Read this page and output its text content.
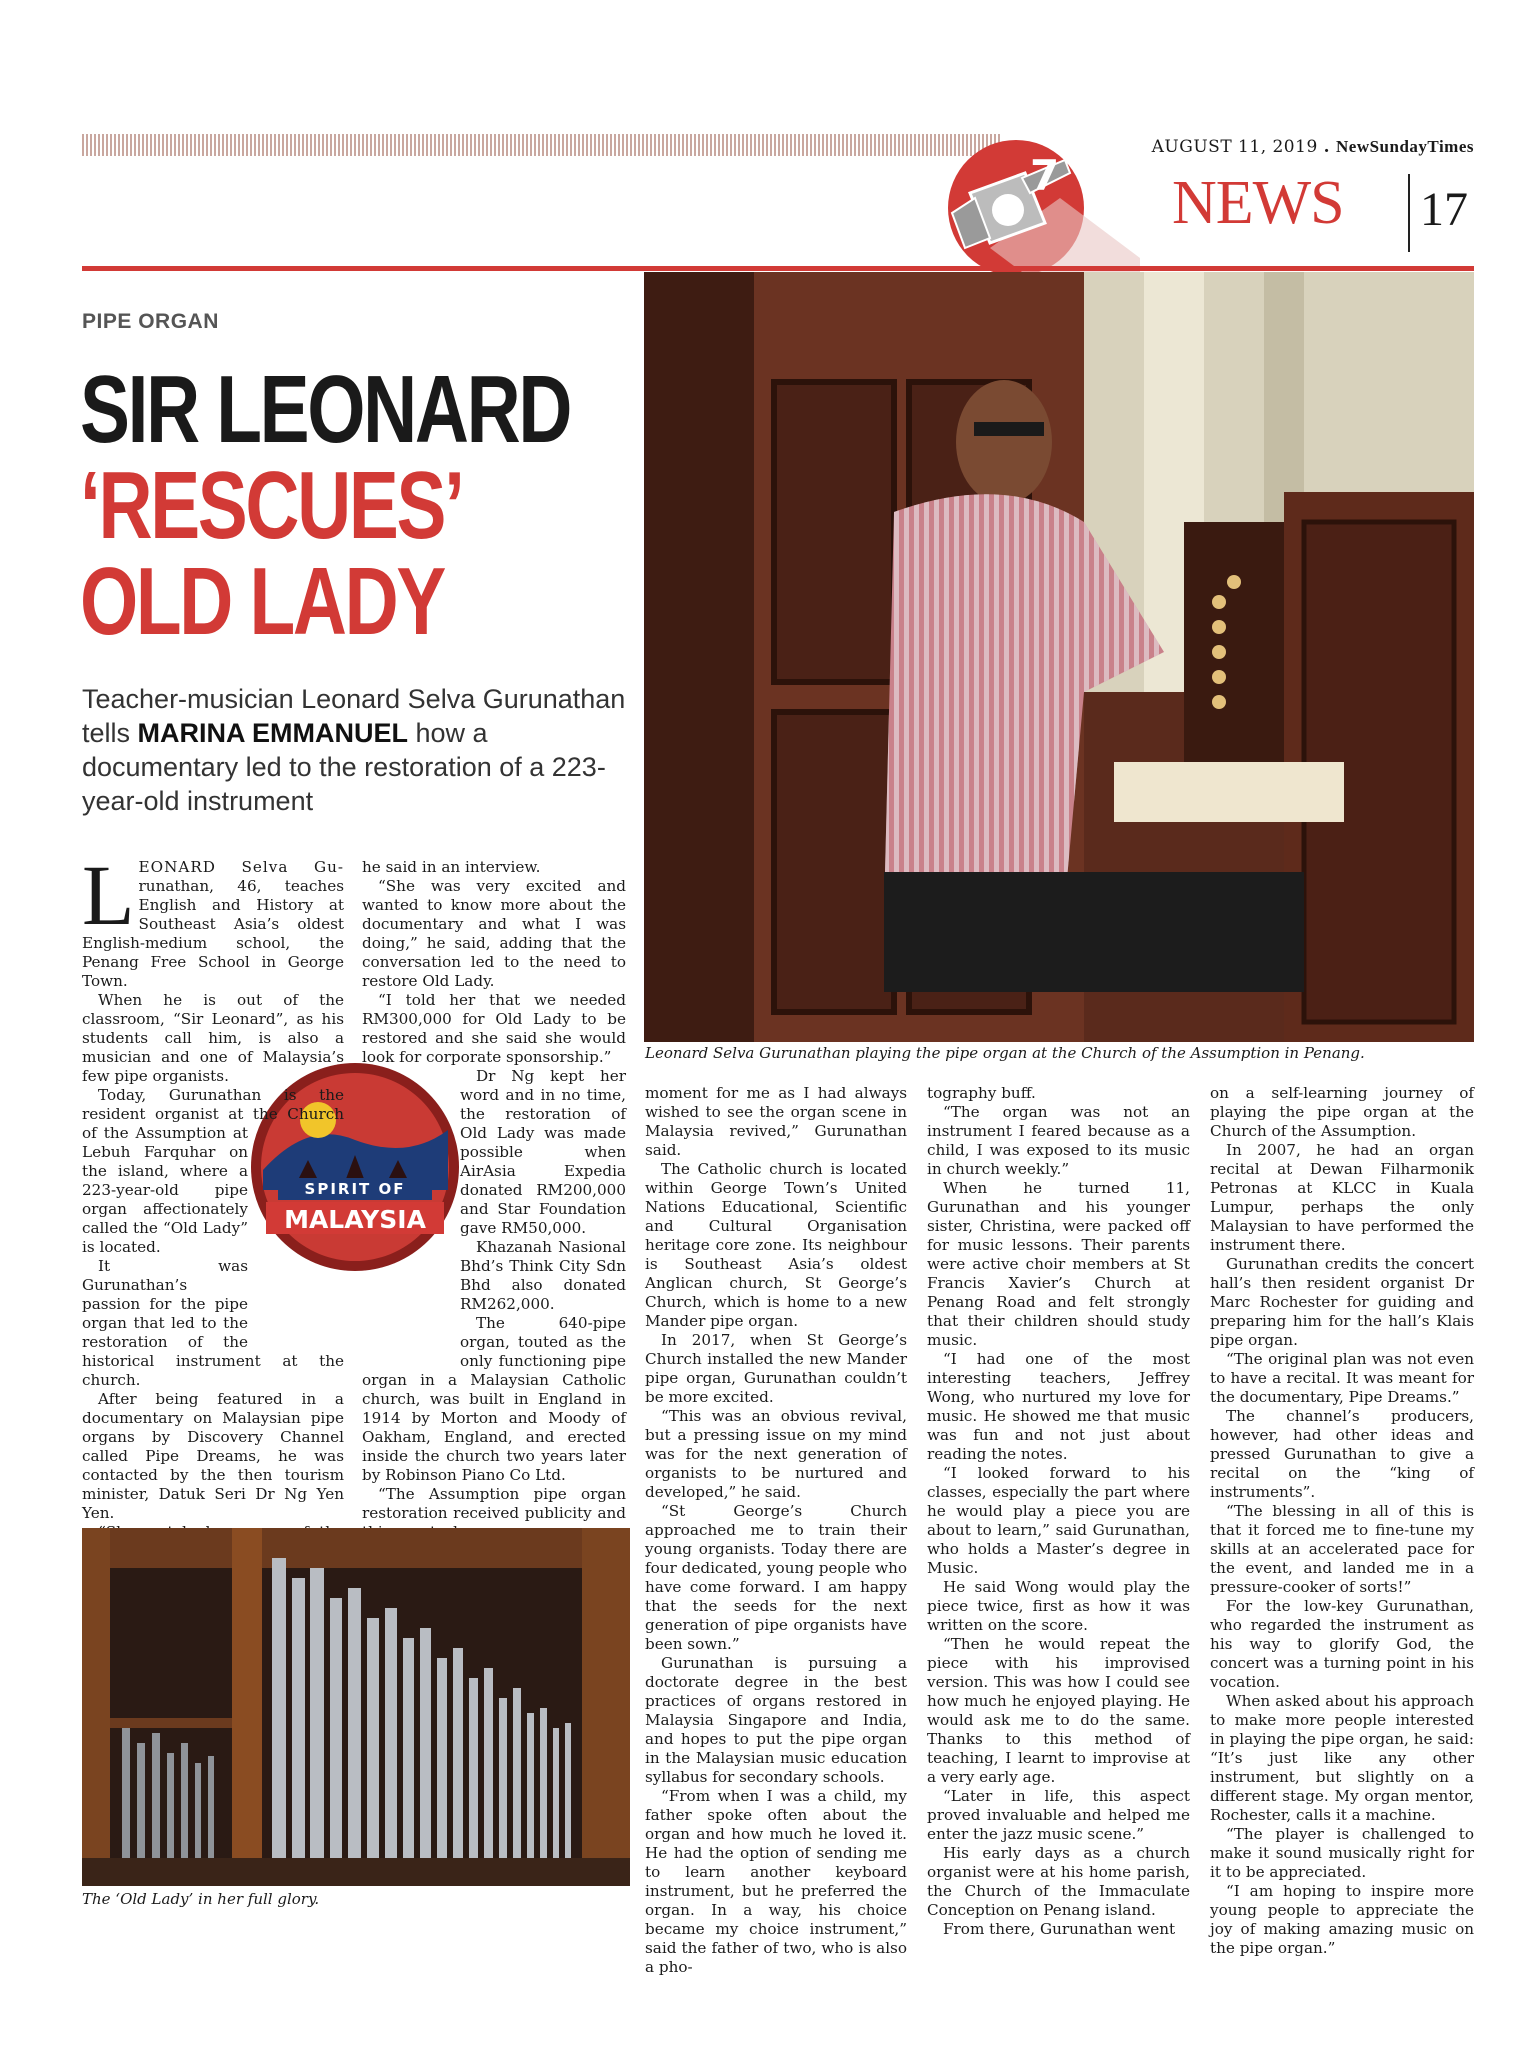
AUGUST 11, 2019 . NewSundayTimes
7 NEWS 17
PIPE ORGAN
SIR LEONARD
‘RESCUES’
OLD LADY
Teacher-musician Leonard Selva Gurunathan tells MARINA EMMANUEL how a documentary led to the restoration of a 223-year-old instrument
Leonard Selva Gurunathan playing the pipe organ at the Church of the Assumption in Penang.
SPIRIT OF
MALAYSIA

LEONARD Selva Gu- runathan, 46, teaches English and History at Southeast Asia’s oldest English-medium school, the Penang Free School in George Town.

When he is out of the classroom, “Sir Leonard”, as his students call him, is also a musician and one of Malaysia’s few pipe organists.

Today, Gurunathan is the resident organist at the Church of the Assumption at Lebuh Farquhar on the island, where a 223-year-old pipe organ affectionately called the “Old Lady” is located.

It was Gurunathan’s passion for the pipe organ that led to the restoration of the historical instrument at the church.

After being featured in a documentary on Malaysian pipe organs by Discovery Channel called Pipe Dreams, he was contacted by the then tourism minister, Datuk Seri Dr Ng Yen Yen.

he said in an interview.

“She was very excited and wanted to know more about the documentary and what I was doing,” he said, adding that the conversation led to the need to restore Old Lady.

“I told her that we needed RM300,000 for Old Lady to be restored and she said she would look for corporate sponsorship.”

Dr Ng kept her word and in no time, the restoration of Old Lady was made possible when AirAsia Expedia donated RM200,000 and Star Foundation gave RM50,000.

Khazanah Nasional Bhd’s Think City Sdn Bhd also donated RM262,000.

The 640-pipe organ, touted as the only functioning pipe organ in a Malaysian Catholic church, was built in England in 1914 by Morton and Moody of Oakham, England, and erected inside the church two years later by Robinson Piano Co Ltd.

“The Assumption pipe organ restoration received publicity and

moment for me as I had always wished to see the organ scene in Malaysia revived,” Gurunathan said.

The Catholic church is located within George Town’s United Nations Educational, Scientific and Cultural Organisation heritage core zone. Its neighbour is Southeast Asia’s oldest Anglican church, St George’s Church, which is home to a new Mander pipe organ.

In 2017, when St George’s Church installed the new Mander pipe organ, Gurunathan couldn’t be more excited.

“This was an obvious revival, but a pressing issue on my mind was for the next generation of organists to be nurtured and developed,” he said.

“St George’s Church approached me to train their young organists. Today there are four dedicated, young people who have come forward. I am happy that the seeds for the next generation of pipe organists have been sown.”

Gurunathan is pursuing a doctorate degree in the best practices of organs restored in Malaysia Singapore and India, and hopes to put the pipe organ in the Malaysian music education syllabus for secondary schools.

“From when I was a child, my father spoke often about the organ and how much he loved it. He had the option of sending me to learn another keyboard instrument, but he preferred the organ. In a way, his choice became my choice instrument,” said the father of two, who is also a pho-

tography buff.

“The organ was not an instrument I feared because as a child, I was exposed to its music in church weekly.”

When he turned 11, Gurunathan and his younger sister, Christina, were packed off for music lessons. Their parents were active choir members at St Francis Xavier’s Church at Penang Road and felt strongly that their children should study music.

“I had one of the most interesting teachers, Jeffrey Wong, who nurtured my love for music. He showed me that music was fun and not just about reading the notes.

“I looked forward to his classes, especially the part where he would play a piece you are about to learn,” said Gurunathan, who holds a Master’s degree in Music.

He said Wong would play the piece twice, first as how it was written on the score.

“Then he would repeat the piece with his improvised version. This was how I could see how much he enjoyed playing. He would ask me to do the same. Thanks to this method of teaching, I learnt to improvise at a very early age.

“Later in life, this aspect proved invaluable and helped me enter the jazz music scene.”

His early days as a church organist were at his home parish, the Church of the Immaculate Conception on Penang island.

From there, Gurunathan went

on a self-learning journey of playing the pipe organ at the Church of the Assumption.

In 2007, he had an organ recital at Dewan Filharmonik Petronas at KLCC in Kuala Lumpur, perhaps the only Malaysian to have performed the instrument there.

Gurunathan credits the concert hall’s then resident organist Dr Marc Rochester for guiding and preparing him for the hall’s Klais pipe organ.

“The original plan was not even to have a recital. It was meant for the documentary, Pipe Dreams.”

The channel’s producers, however, had other ideas and pressed Gurunathan to give a recital on the “king of instruments”.

“The blessing in all of this is that it forced me to fine-tune my skills at an accelerated pace for the event, and landed me in a pressure-cooker of sorts!”

For the low-key Gurunathan, who regarded the instrument as his way to glorify God, the concert was a turning point in his vocation.

When asked about his approach to make more people interested in playing the pipe organ, he said: “It’s just like any other instrument, but slightly on a different stage. My organ mentor, Rochester, calls it a machine.

“The player is challenged to make it sound musically right for it to be appreciated.

“I am hoping to inspire more young people to appreciate the joy of making amazing music on the pipe organ.”

The ‘Old Lady’ in her full glory.
